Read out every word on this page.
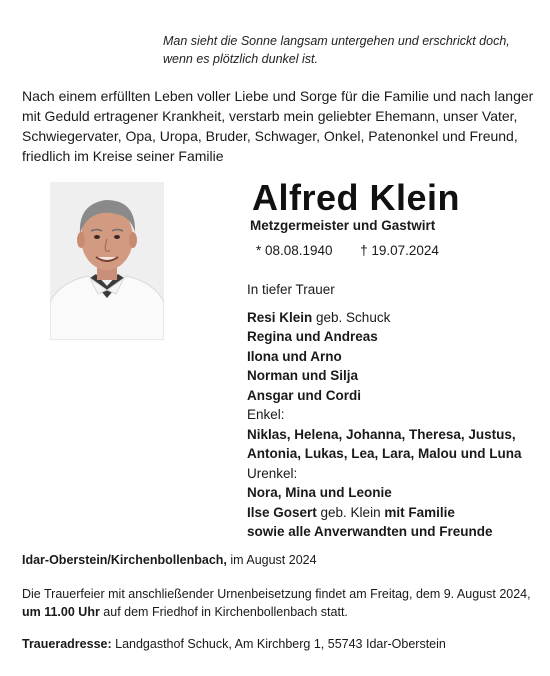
Man sieht die Sonne langsam untergehen und erschrickt doch,
wenn es plötzlich dunkel ist.
Nach einem erfüllten Leben voller Liebe und Sorge für die Familie und nach langer mit Geduld ertragener Krankheit, verstarb mein geliebter Ehemann, unser Vater, Schwiegervater, Opa, Uropa, Bruder, Schwager, Onkel, Patenonkel und Freund, friedlich im Kreise seiner Familie
Alfred Klein
Metzgermeister und Gastwirt
* 08.08.1940 † 19.07.2024
In tiefer Trauer
Resi Klein geb. Schuck
Regina und Andreas
Ilona und Arno
Norman und Silja
Ansgar und Cordi
Enkel:
Niklas, Helena, Johanna, Theresa, Justus,
Antonia, Lukas, Lea, Lara, Malou und Luna
Urenkel:
Nora, Mina und Leonie
Ilse Gosert geb. Klein mit Familie
sowie alle Anverwandten und Freunde
Idar-Oberstein/Kirchenbollenbach, im August 2024
Die Trauerfeier mit anschließender Urnenbeisetzung findet am Freitag, dem 9. August 2024, um 11.00 Uhr auf dem Friedhof in Kirchenbollenbach statt.
Traueradresse: Landgasthof Schuck, Am Kirchberg 1, 55743 Idar-Oberstein
